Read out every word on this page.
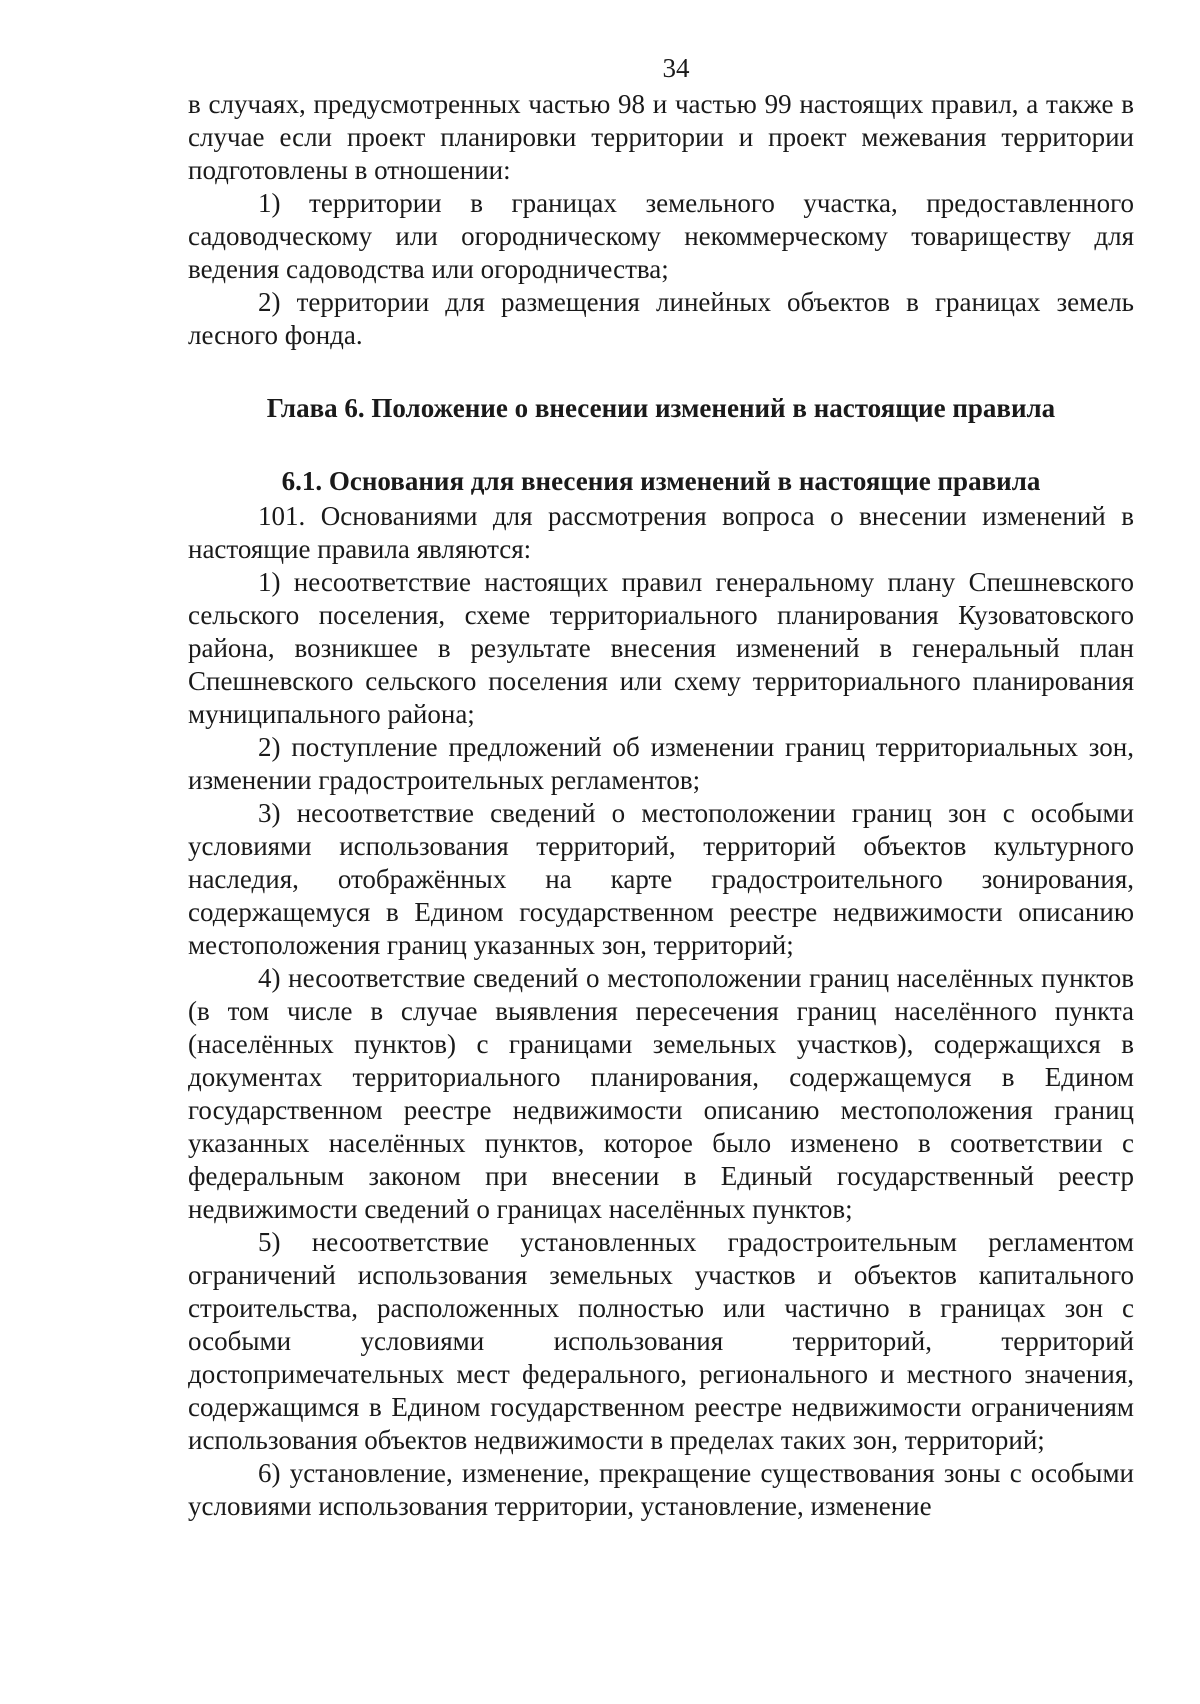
34

в случаях, предусмотренных частью 98 и частью 99 настоящих правил, а также в случае если проект планировки территории и проект межевания территории подготовлены в отношении:

1) территории в границах земельного участка, предоставленного садоводческому или огородническому некоммерческому товариществу для ведения садоводства или огородничества;

2) территории для размещения линейных объектов в границах земель лесного фонда.

Глава 6. Положение о внесении изменений в настоящие правила
6.1. Основания для внесения изменений в настоящие правила

101. Основаниями для рассмотрения вопроса о внесении изменений в настоящие правила являются:

1) несоответствие настоящих правил генеральному плану Спешневского сельского поселения, схеме территориального планирования Кузоватовского района, возникшее в результате внесения изменений в генеральный план Спешневского сельского поселения или схему территориального планирования муниципального района;

2) поступление предложений об изменении границ территориальных зон, изменении градостроительных регламентов;

3) несоответствие сведений о местоположении границ зон с особыми условиями использования территорий, территорий объектов культурного наследия, отображённых на карте градостроительного зонирования, содержащемуся в Едином государственном реестре недвижимости описанию местоположения границ указанных зон, территорий;

4) несоответствие сведений о местоположении границ населённых пунктов (в том числе в случае выявления пересечения границ населённого пункта (населённых пунктов) с границами земельных участков), содержащихся в документах территориального планирования, содержащемуся в Едином государственном реестре недвижимости описанию местоположения границ указанных населённых пунктов, которое было изменено в соответствии с федеральным законом при внесении в Единый государственный реестр недвижимости сведений о границах населённых пунктов;

5) несоответствие установленных градостроительным регламентом ограничений использования земельных участков и объектов капитального строительства, расположенных полностью или частично в границах зон с особыми условиями использования территорий, территорий достопримечательных мест федерального, регионального и местного значения, содержащимся в Едином государственном реестре недвижимости ограничениям использования объектов недвижимости в пределах таких зон, территорий;

6) установление, изменение, прекращение существования зоны с особыми условиями использования территории, установление, изменение
